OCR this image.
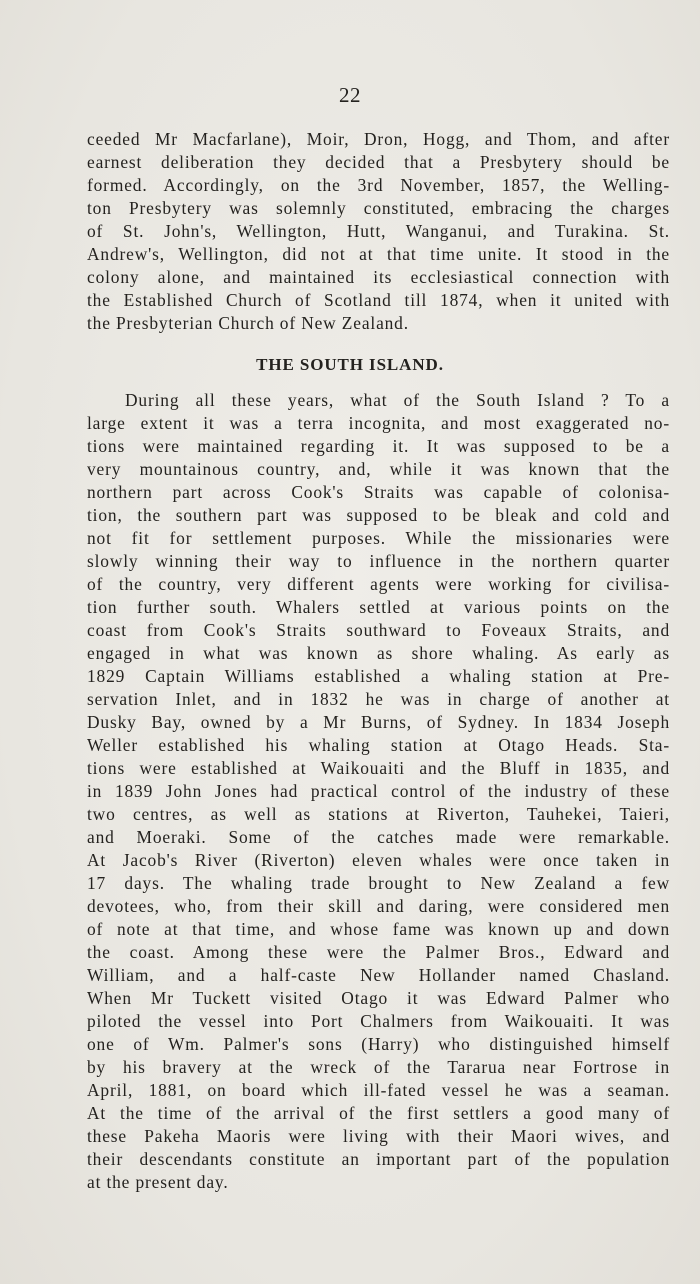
22
ceeded Mr Macfarlane), Moir, Dron, Hogg, and Thom, and after
earnest deliberation they decided that a Presbytery should be
formed. Accordingly, on the 3rd November, 1857, the Welling-
ton Presbytery was solemnly constituted, embracing the charges
of St. John's, Wellington, Hutt, Wanganui, and Turakina. St.
Andrew's, Wellington, did not at that time unite. It stood in the
colony alone, and maintained its ecclesiastical connection with
the Established Church of Scotland till 1874, when it united with
the Presbyterian Church of New Zealand.
THE SOUTH ISLAND.
During all these years, what of the South Island ? To a
large extent it was a terra incognita, and most exaggerated no-
tions were maintained regarding it. It was supposed to be a
very mountainous country, and, while it was known that the
northern part across Cook's Straits was capable of colonisa-
tion, the southern part was supposed to be bleak and cold and
not fit for settlement purposes. While the missionaries were
slowly winning their way to influence in the northern quarter
of the country, very different agents were working for civilisa-
tion further south. Whalers settled at various points on the
coast from Cook's Straits southward to Foveaux Straits, and
engaged in what was known as shore whaling. As early as
1829 Captain Williams established a whaling station at Pre-
servation Inlet, and in 1832 he was in charge of another at
Dusky Bay, owned by a Mr Burns, of Sydney. In 1834 Joseph
Weller established his whaling station at Otago Heads. Sta-
tions were established at Waikouaiti and the Bluff in 1835, and
in 1839 John Jones had practical control of the industry of these
two centres, as well as stations at Riverton, Tauhekei, Taieri,
and Moeraki. Some of the catches made were remarkable.
At Jacob's River (Riverton) eleven whales were once taken in
17 days. The whaling trade brought to New Zealand a few
devotees, who, from their skill and daring, were considered men
of note at that time, and whose fame was known up and down
the coast. Among these were the Palmer Bros., Edward and
William, and a half-caste New Hollander named Chasland.
When Mr Tuckett visited Otago it was Edward Palmer who
piloted the vessel into Port Chalmers from Waikouaiti. It was
one of Wm. Palmer's sons (Harry) who distinguished himself
by his bravery at the wreck of the Tararua near Fortrose in
April, 1881, on board which ill-fated vessel he was a seaman.
At the time of the arrival of the first settlers a good many of
these Pakeha Maoris were living with their Maori wives, and
their descendants constitute an important part of the population
at the present day.
